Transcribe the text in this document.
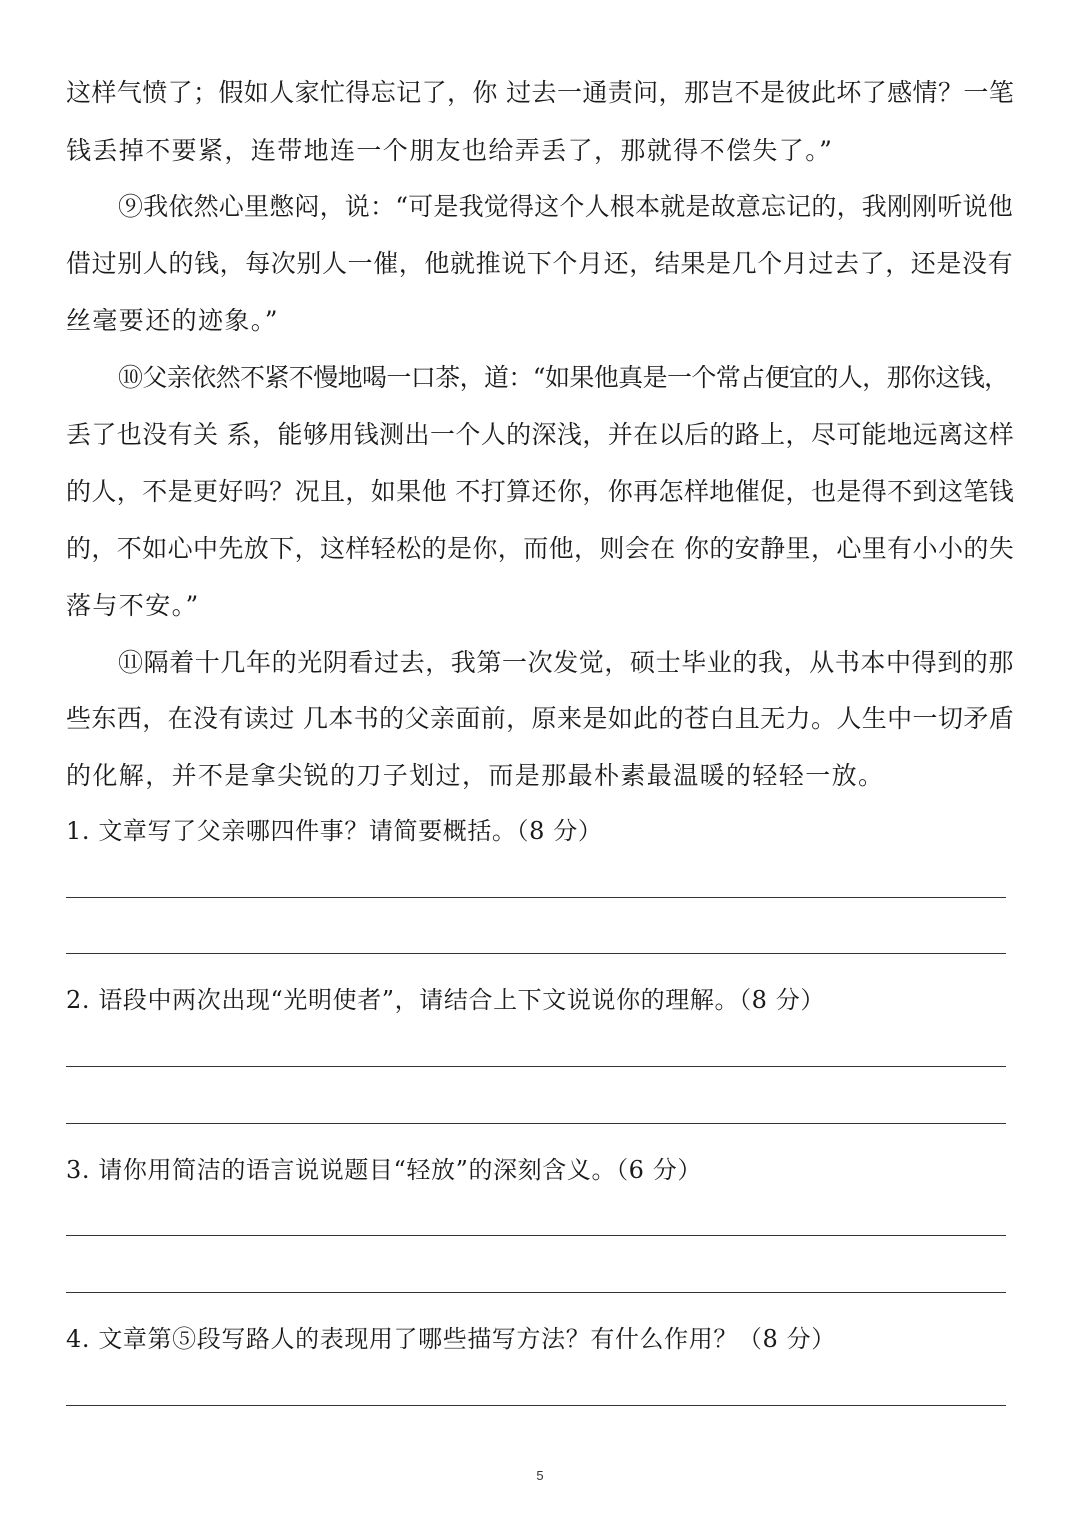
这样气愤了；假如人家忙得忘记了，你 过去一通责问，那岂不是彼此坏了感情？一笔
钱丢掉不要紧，连带地连一个朋友也给弄丢了，那就得不偿失了。”
⑨我依然心里憋闷，说：“可是我觉得这个人根本就是故意忘记的，我刚刚听说他
借过别人的钱，每次别人一催，他就推说下个月还，结果是几个月过去了，还是没有
丝毫要还的迹象。”
⑩父亲依然不紧不慢地喝一口茶，道：“如果他真是一个常占便宜的人，那你这钱，
丢了也没有关 系，能够用钱测出一个人的深浅，并在以后的路上，尽可能地远离这样
的人，不是更好吗？况且，如果他 不打算还你，你再怎样地催促，也是得不到这笔钱
的，不如心中先放下，这样轻松的是你，而他，则会在 你的安静里，心里有小小的失
落与不安。”
⑪隔着十几年的光阴看过去，我第一次发觉，硕士毕业的我，从书本中得到的那
些东西，在没有读过 几本书的父亲面前，原来是如此的苍白且无力。人生中一切矛盾
的化解，并不是拿尖锐的刀子划过，而是那最朴素最温暖的轻轻一放。
1. 文章写了父亲哪四件事？请简要概括。（8 分）
2. 语段中两次出现“光明使者”，请结合上下文说说你的理解。（8 分）
3. 请你用简洁的语言说说题目“轻放”的深刻含义。（6 分）
4. 文章第⑤段写路人的表现用了哪些描写方法？有什么作用？（8 分）
5
